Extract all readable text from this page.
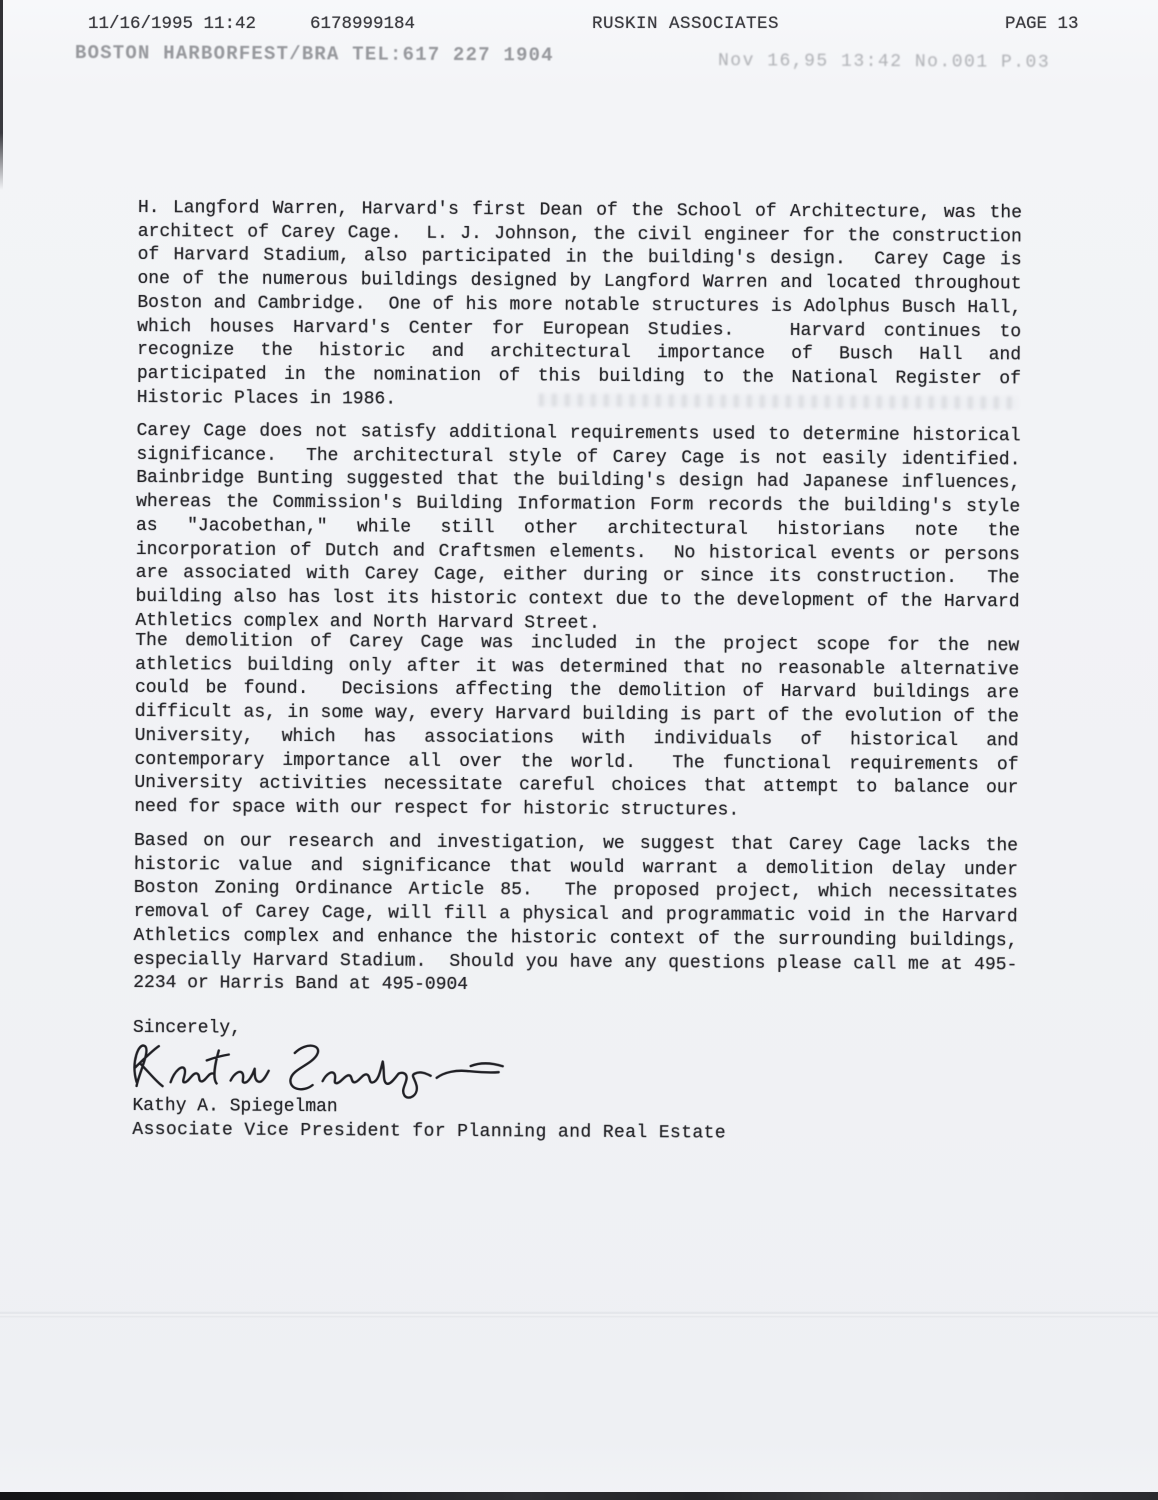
11/16/1995 11:42	6178999184	RUSKIN ASSOCIATES	PAGE 13
BOSTON HARBORFEST/BRA TEL:617 227 1904	Nov 16,95 13:42 No.001 P.03
H. Langford Warren, Harvard's first Dean of the School of Architecture, was the
architect of Carey Cage.  L. J. Johnson, the civil engineer for the construction
of Harvard Stadium, also participated in the building's design.  Carey Cage is
one of the numerous buildings designed by Langford Warren and located throughout
Boston and Cambridge.  One of his more notable structures is Adolphus Busch Hall,
which houses Harvard's Center for European Studies.   Harvard continues to
recognize  the  historic  and  architectural  importance  of  Busch  Hall  and
participated in the nomination of this building to the National Register of
Historic Places in 1986.
Carey Cage does not satisfy additional requirements used to determine historical
significance.  The architectural style of Carey Cage is not easily identified.
Bainbridge Bunting suggested that the building's design had Japanese influences,
whereas the Commission's Building Information Form records the building's style
as  "Jacobethan,"  while  still  other  architectural  historians  note  the
incorporation of Dutch and Craftsmen elements.  No historical events or persons
are associated with Carey Cage, either during or since its construction.  The
building also has lost its historic context due to the development of the Harvard
Athletics complex and North Harvard Street.
The demolition of Carey Cage was included in the project scope for the new
athletics building only after it was determined that no reasonable alternative
could be found.  Decisions affecting the demolition of Harvard buildings are
difficult as, in some way, every Harvard building is part of the evolution of the
University,  which  has  associations  with  individuals  of  historical  and
contemporary importance all over the world.  The functional requirements of
University activities necessitate careful choices that attempt to balance our
need for space with our respect for historic structures.
Based on our research and investigation, we suggest that Carey Cage lacks the
historic value and significance that would warrant a demolition delay under
Boston Zoning Ordinance Article 85.  The proposed project, which necessitates
removal of Carey Cage, will fill a physical and programmatic void in the Harvard
Athletics complex and enhance the historic context of the surrounding buildings,
especially Harvard Stadium.  Should you have any questions please call me at 495-
2234 or Harris Band at 495-0904
Sincerely,
Kathy A. Spiegelman
Associate Vice President for Planning and Real Estate
